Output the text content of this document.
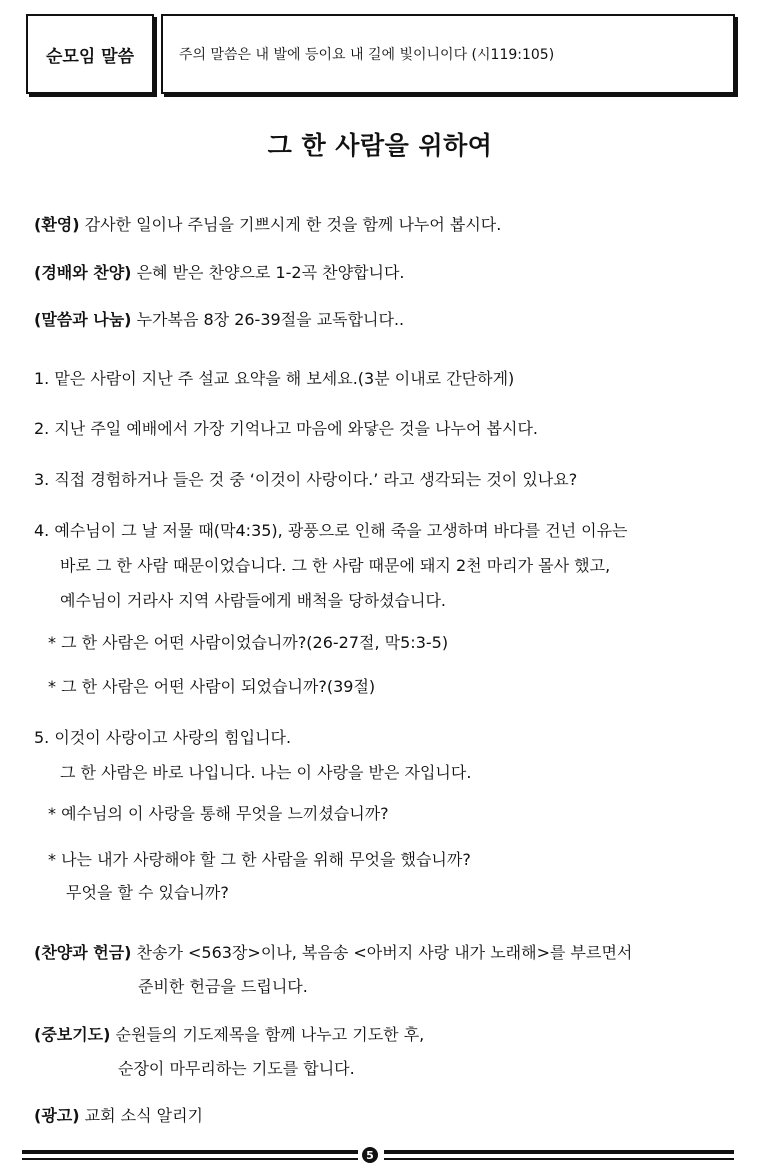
순모임 말씀	주의 말씀은 내 발에 등이요 내 길에 빛이니이다 (시119:105)
그 한 사람을 위하여
(환영) 감사한 일이나 주님을 기쁘시게 한 것을 함께 나누어 봅시다.
(경배와 찬양) 은혜 받은 찬양으로 1-2곡 찬양합니다.
(말씀과 나눔) 누가복음 8장 26-39절을 교독합니다..
1. 맡은 사람이 지난 주 설교 요약을 해 보세요.(3분 이내로 간단하게)
2. 지난 주일 예배에서 가장 기억나고 마음에 와닿은 것을 나누어 봅시다.
3. 직접 경험하거나 들은 것 중 ‘이것이 사랑이다.’ 라고 생각되는 것이 있나요?
4. 예수님이 그 날 저물 때(막4:35), 광풍으로 인해 죽을 고생하며 바다를 건넌 이유는
바로 그 한 사람 때문이었습니다. 그 한 사람 때문에 돼지 2천 마리가 몰사 했고,
예수님이 거라사 지역 사람들에게 배척을 당하셨습니다.
* 그 한 사람은 어떤 사람이었습니까?(26-27절, 막5:3-5)
* 그 한 사람은 어떤 사람이 되었습니까?(39절)
5. 이것이 사랑이고 사랑의 힘입니다.
그 한 사람은 바로 나입니다. 나는 이 사랑을 받은 자입니다.
* 예수님의 이 사랑을 통해 무엇을 느끼셨습니까?
* 나는 내가 사랑해야 할 그 한 사람을 위해 무엇을 했습니까?
무엇을 할 수 있습니까?
(찬양과 헌금) 찬송가 <563장>이나, 복음송 <아버지 사랑 내가 노래해>를 부르면서
준비한 헌금을 드립니다.
(중보기도) 순원들의 기도제목을 함께 나누고 기도한 후,
순장이 마무리하는 기도를 합니다.
(광고) 교회 소식 알리기
5
